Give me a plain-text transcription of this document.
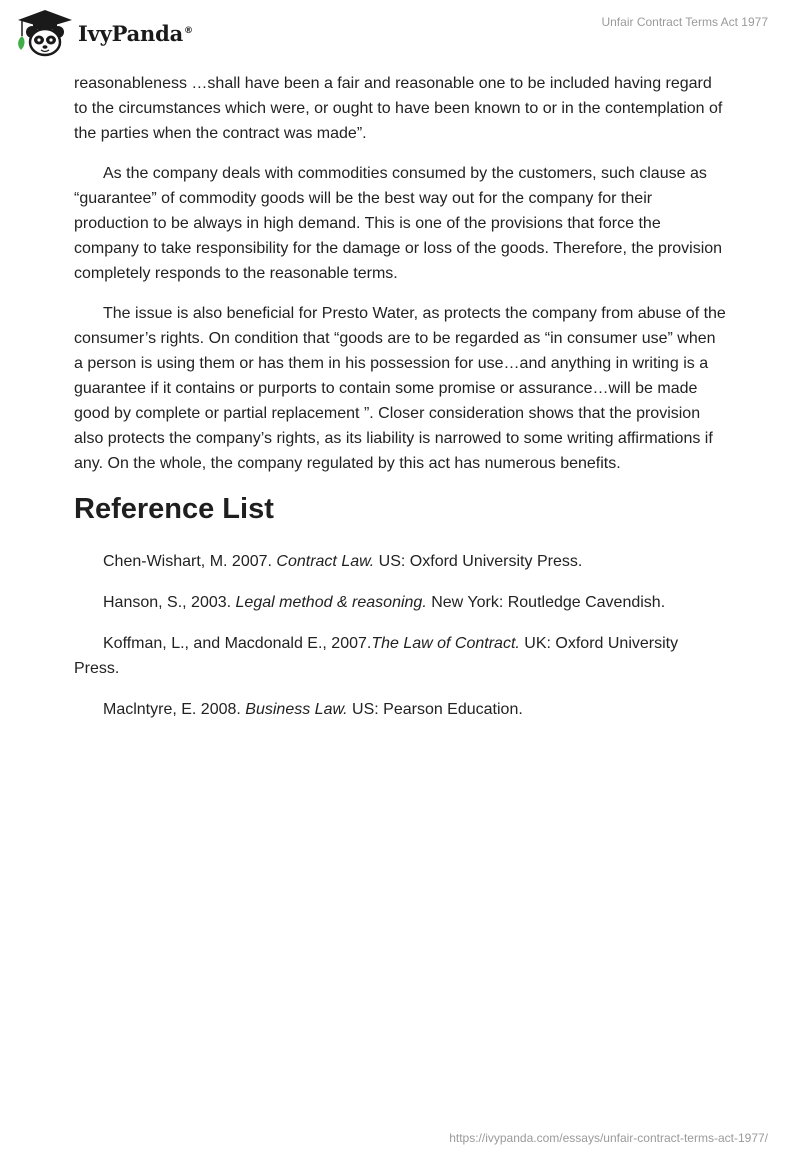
IvyPanda®
Unfair Contract Terms Act 1977

reasonableness …shall have been a fair and reasonable one to be included having regard to the circumstances which were, or ought to have been known to or in the contemplation of the parties when the contract was made”.

As the company deals with commodities consumed by the customers, such clause as “guarantee” of commodity goods will be the best way out for the company for their production to be always in high demand. This is one of the provisions that force the company to take responsibility for the damage or loss of the goods. Therefore, the provision completely responds to the reasonable terms.

The issue is also beneficial for Presto Water, as protects the company from abuse of the consumer’s rights. On condition that “goods are to be regarded as “in consumer use” when a person is using them or has them in his possession for use…and anything in writing is a guarantee if it contains or purports to contain some promise or assurance…will be made good by complete or partial replacement ”. Closer consideration shows that the provision also protects the company’s rights, as its liability is narrowed to some writing affirmations if any. On the whole, the company regulated by this act has numerous benefits.

Reference List

Chen-Wishart, M. 2007. Contract Law. US: Oxford University Press.

Hanson, S., 2003. Legal method & reasoning. New York: Routledge Cavendish.

Koffman, L., and Macdonald E., 2007.The Law of Contract. UK: Oxford University Press.

Maclntyre, E. 2008. Business Law. US: Pearson Education.

https://ivypanda.com/essays/unfair-contract-terms-act-1977/
